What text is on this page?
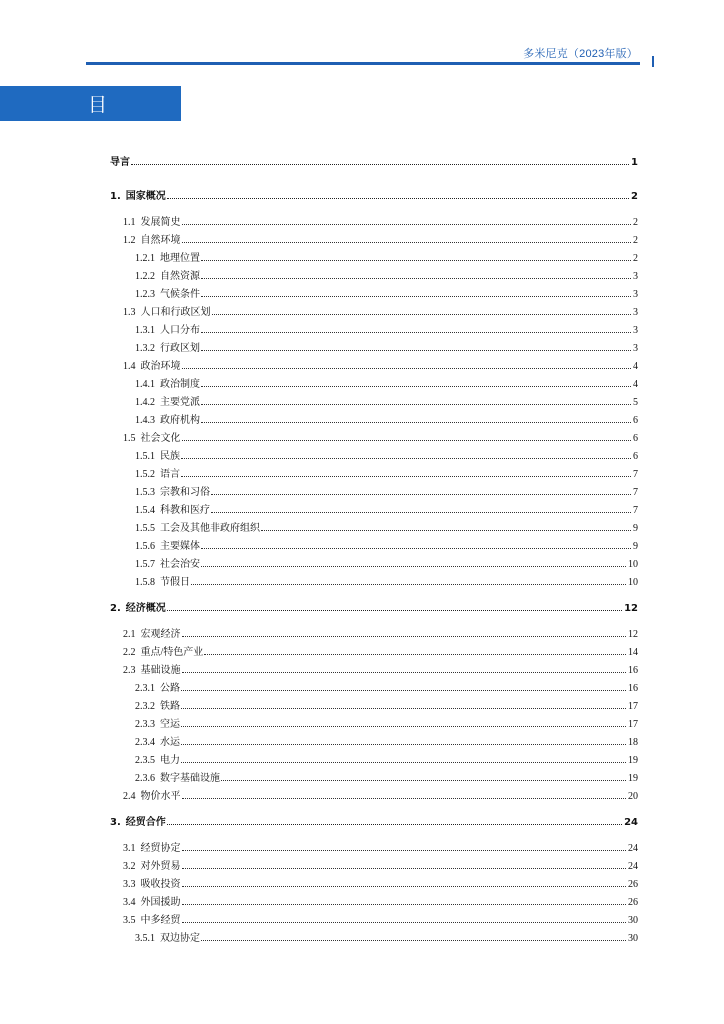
多米尼克（2023年版）
目 录
导言	1
1. 国家概况	2
1.1 发展简史	2
1.2 自然环境	2
1.2.1 地理位置	2
1.2.2 自然资源	3
1.2.3 气候条件	3
1.3 人口和行政区划	3
1.3.1 人口分布	3
1.3.2 行政区划	3
1.4 政治环境	4
1.4.1 政治制度	4
1.4.2 主要党派	5
1.4.3 政府机构	6
1.5 社会文化	6
1.5.1 民族	6
1.5.2 语言	7
1.5.3 宗教和习俗	7
1.5.4 科教和医疗	7
1.5.5 工会及其他非政府组织	9
1.5.6 主要媒体	9
1.5.7 社会治安	10
1.5.8 节假日	10
2. 经济概况	12
2.1 宏观经济	12
2.2 重点/特色产业	14
2.3 基础设施	16
2.3.1 公路	16
2.3.2 铁路	17
2.3.3 空运	17
2.3.4 水运	18
2.3.5 电力	19
2.3.6 数字基础设施	19
2.4 物价水平	20
3. 经贸合作	24
3.1 经贸协定	24
3.2 对外贸易	24
3.3 吸收投资	26
3.4 外国援助	26
3.5 中多经贸	30
3.5.1 双边协定	30
